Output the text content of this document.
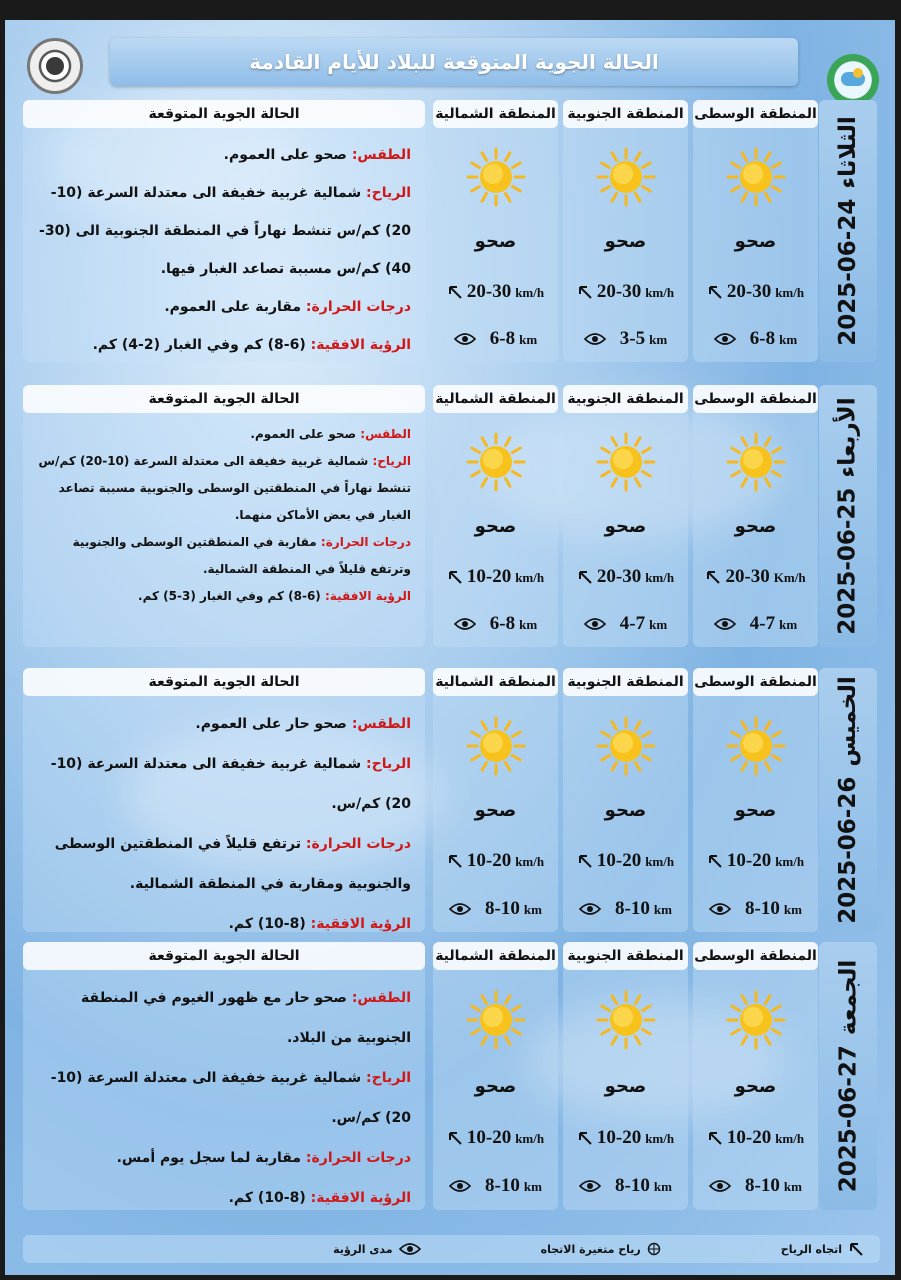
الحالة الجوية المتوقعة للبلاد للأيام القادمة
2025-06-24
الثلاثاء
المنطقة الوسطى
صحو
20-30 km/h
6-8 km
المنطقة الجنوبية
صحو
20-30 km/h
3-5 km
المنطقة الشمالية
صحو
20-30 km/h
6-8 km
الحالة الجوية المتوقعة

الطقس: صحو على العموم.

الرياح: شمالية غربية خفيفة الى معتدلة السرعة (10-20) كم/س تنشط نهاراً في المنطقة الجنوبية الى (30-40) كم/س مسببة تصاعد الغبار فيها.

درجات الحرارة: مقاربة على العموم.

الرؤية الافقية: (6-8) كم وفي الغبار (2-4) كم.

2025-06-25
الأربعاء
المنطقة الوسطى
صحو
20-30 Km/h
4-7 km
المنطقة الجنوبية
صحو
20-30 km/h
4-7 km
المنطقة الشمالية
صحو
10-20 km/h
6-8 km
الحالة الجوية المتوقعة

الطقس: صحو على العموم.

الرياح: شمالية غربية خفيفة الى معتدلة السرعة (10-20) كم/س تنشط نهاراً في المنطقتين الوسطى والجنوبية مسببة تصاعد الغبار في بعض الأماكن منهما.

درجات الحرارة: مقاربة في المنطقتين الوسطى والجنوبية وترتفع قليلاً في المنطقة الشمالية.

الرؤية الافقية: (6-8) كم وفي الغبار (3-5) كم.

2025-06-26
الخميس
المنطقة الوسطى
صحو
10-20 km/h
8-10 km
المنطقة الجنوبية
صحو
10-20 km/h
8-10 km
المنطقة الشمالية
صحو
10-20 km/h
8-10 km
الحالة الجوية المتوقعة

الطقس: صحو حار على العموم.

الرياح: شمالية غربية خفيفة الى معتدلة السرعة (10-20) كم/س.

درجات الحرارة: ترتفع قليلاً في المنطقتين الوسطى والجنوبية ومقاربة في المنطقة الشمالية.

الرؤية الافقية: (8-10) كم.

2025-06-27
الجمعة
المنطقة الوسطى
صحو
10-20 km/h
8-10 km
المنطقة الجنوبية
صحو
10-20 km/h
8-10 km
المنطقة الشمالية
صحو
10-20 km/h
8-10 km
الحالة الجوية المتوقعة

الطقس: صحو حار مع ظهور الغيوم في المنطقة الجنوبية من البلاد.

الرياح: شمالية غربية خفيفة الى معتدلة السرعة (10-20) كم/س.

درجات الحرارة: مقاربة لما سجل يوم أمس.

الرؤية الافقية: (8-10) كم.

اتجاه الرياح
رياح متغيرة الاتجاه
مدى الرؤية
